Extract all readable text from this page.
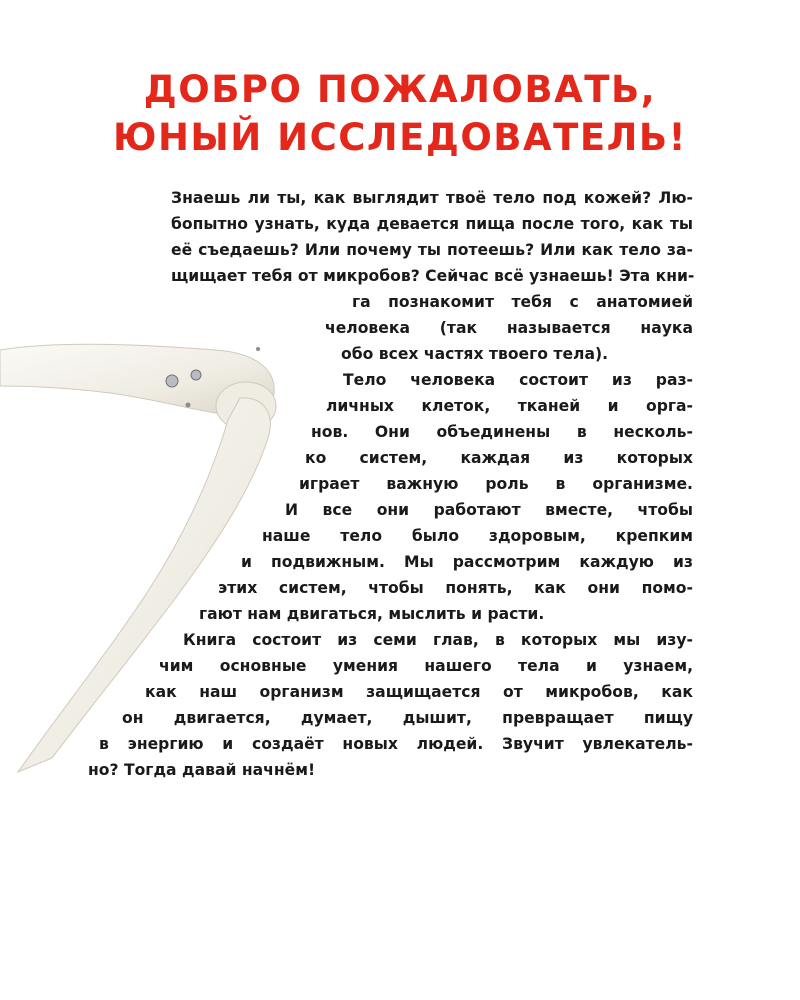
ДОБРО ПОЖАЛОВАТЬ,
ЮНЫЙ ИССЛЕДОВАТЕЛЬ!
Знаешь ли ты, как выглядит твоё тело под кожей? Лю-
бопытно узнать, куда девается пища после того, как ты
её съедаешь? Или почему ты потеешь? Или как тело за-
щищает тебя от микробов? Сейчас всё узнаешь! Эта кни-
га познакомит тебя с анатомией
человека (так называется наука
обо всех частях твоего тела).
Тело человека состоит из раз-
личных клеток, тканей и орга-
нов. Они объединены в несколь-
ко систем, каждая из которых
играет важную роль в организме.
И все они работают вместе, чтобы
наше тело было здоровым, крепким
и подвижным. Мы рассмотрим каждую из
этих систем, чтобы понять, как они помо-
гают нам двигаться, мыслить и расти.
Книга состоит из семи глав, в которых мы изу-
чим основные умения нашего тела и узнаем,
как наш организм защищается от микробов, как
он двигается, думает, дышит, превращает пищу
в энергию и создаёт новых людей. Звучит увлекатель-
но? Тогда давай начнём!
